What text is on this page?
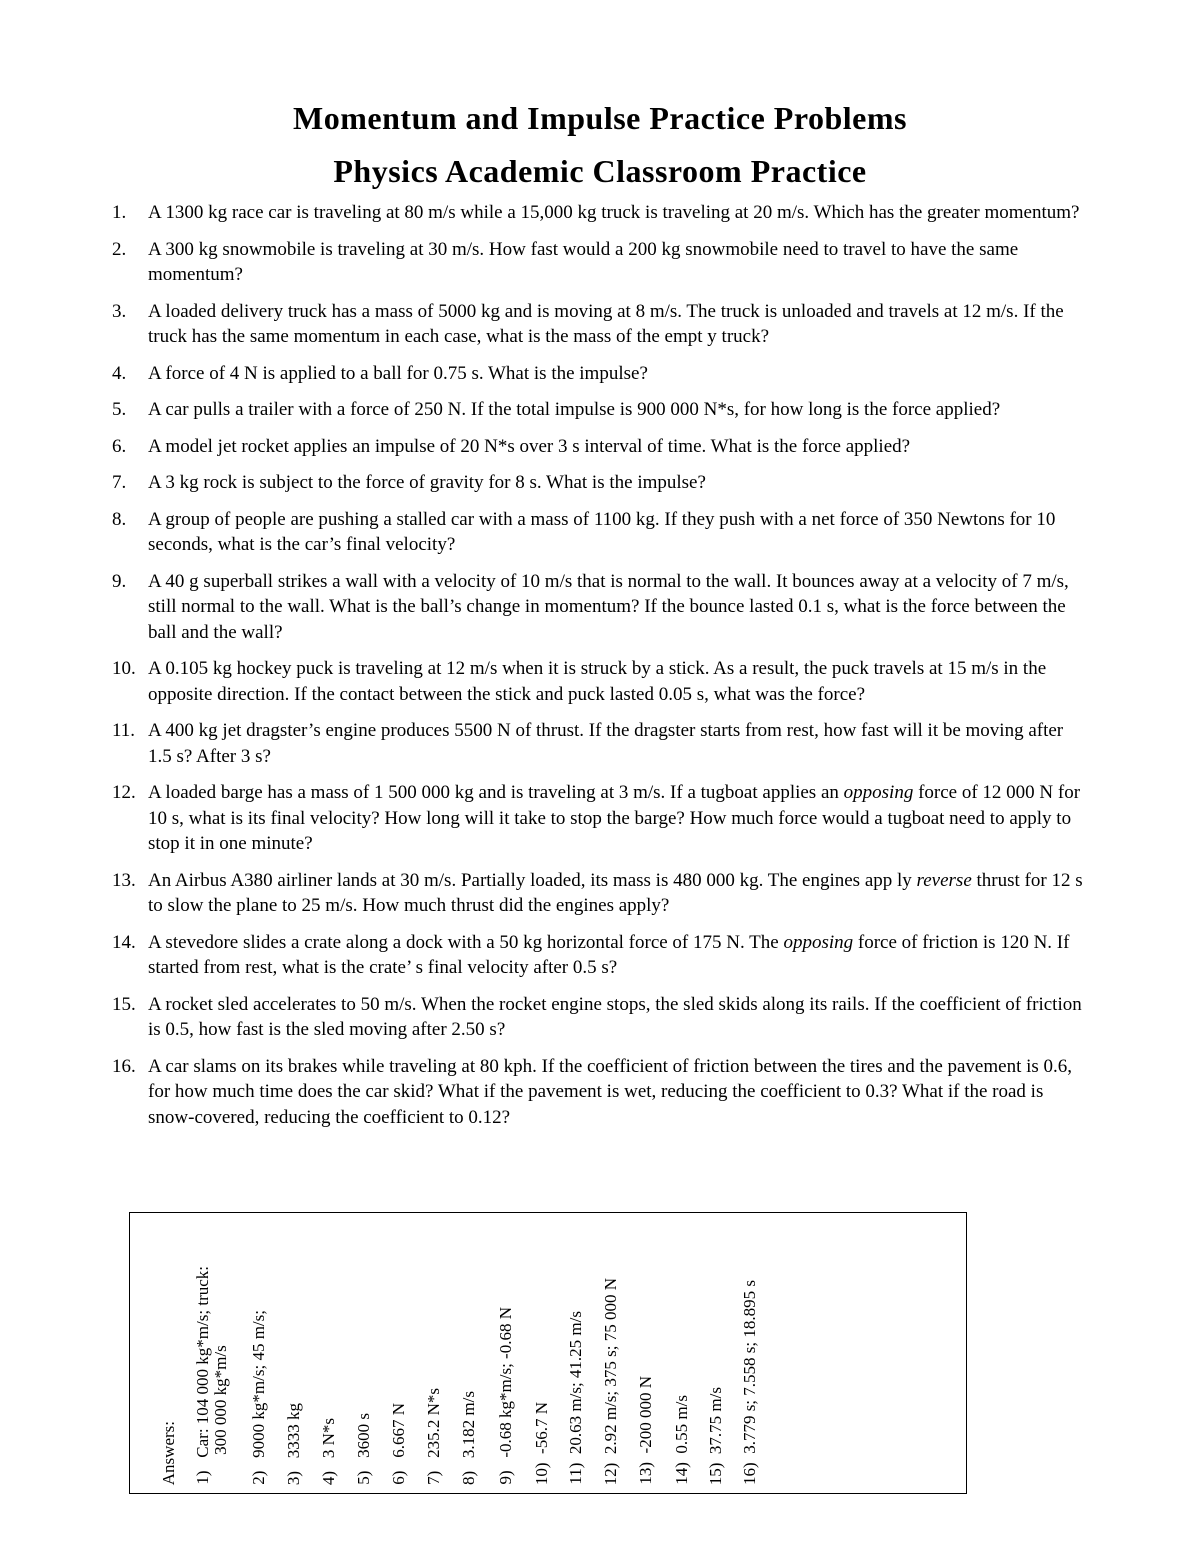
Momentum and Impulse Practice Problems
Physics Academic Classroom Practice
1. A 1300 kg race car is traveling at 80 m/s while a 15,000 kg truck is traveling at 20 m/s. Which has the greater momentum?
2. A 300 kg snowmobile is traveling at 30 m/s. How fast would a 200 kg snowmobile need to travel to have the same momentum?
3. A loaded delivery truck has a mass of 5000 kg and is moving at 8 m/s. The truck is unloaded and travels at 12 m/s. If the truck has the same momentum in each case, what is the mass of the empt y truck?
4. A force of 4 N is applied to a ball for 0.75 s. What is the impulse?
5. A car pulls a trailer with a force of 250 N. If the total impulse is 900 000 N*s, for how long is the force applied?
6. A model jet rocket applies an impulse of 20 N*s over 3 s interval of time. What is the force applied?
7. A 3 kg rock is subject to the force of gravity for 8 s. What is the impulse?
8. A group of people are pushing a stalled car with a mass of 1100 kg. If they push with a net force of 350 Newtons for 10 seconds, what is the car’s final velocity?
9. A 40 g superball strikes a wall with a velocity of 10 m/s that is normal to the wall. It bounces away at a velocity of 7 m/s, still normal to the wall. What is the ball’s change in momentum? If the bounce lasted 0.1 s, what is the force between the ball and the wall?
10. A 0.105 kg hockey puck is traveling at 12 m/s when it is struck by a stick. As a result, the puck travels at 15 m/s in the opposite direction. If the contact between the stick and puck lasted 0.05 s, what was the force?
11. A 400 kg jet dragster’s engine produces 5500 N of thrust. If the dragster starts from rest, how fast will it be moving after 1.5 s? After 3 s?
12. A loaded barge has a mass of 1 500 000 kg and is traveling at 3 m/s. If a tugboat applies an opposing force of 12 000 N for 10 s, what is its final velocity? How long will it take to stop the barge? How much force would a tugboat need to apply to stop it in one minute?
13. An Airbus A380 airliner lands at 30 m/s. Partially loaded, its mass is 480 000 kg. The engines app ly reverse thrust for 12 s to slow the plane to 25 m/s. How much thrust did the engines apply?
14. A stevedore slides a crate along a dock with a 50 kg horizontal force of 175 N. The opposing force of friction is 120 N. If started from rest, what is the crate’ s final velocity after 0.5 s?
15. A rocket sled accelerates to 50 m/s. When the rocket engine stops, the sled skids along its rails. If the coefficient of friction is 0.5, how fast is the sled moving after 2.50 s?
16. A car slams on its brakes while traveling at 80 kph. If the coefficient of friction between the tires and the pavement is 0.6, for how much time does the car skid? What if the pavement is wet, reducing the coefficient to 0.3? What if the road is snow-covered, reducing the coefficient to 0.12?
Answers: 1)   Car: 104 000 kg*m/s; truck:
300 000 kg*m/s 2)   9000 kg*m/s; 45 m/s; 3)   3333 kg 4)   3 N*s 5)   3600 s 6)   6.667 N 7)   235.2 N*s 8)   3.182 m/s 9)   -0.68 kg*m/s; -0.68 N 10)  -56.7 N 11)  20.63 m/s; 41.25 m/s 12)  2.92 m/s; 375 s; 75 000 N 13)  -200 000 N 14)  0.55 m/s 15)  37.75 m/s 16)  3.779 s; 7.558 s; 18.895 s
